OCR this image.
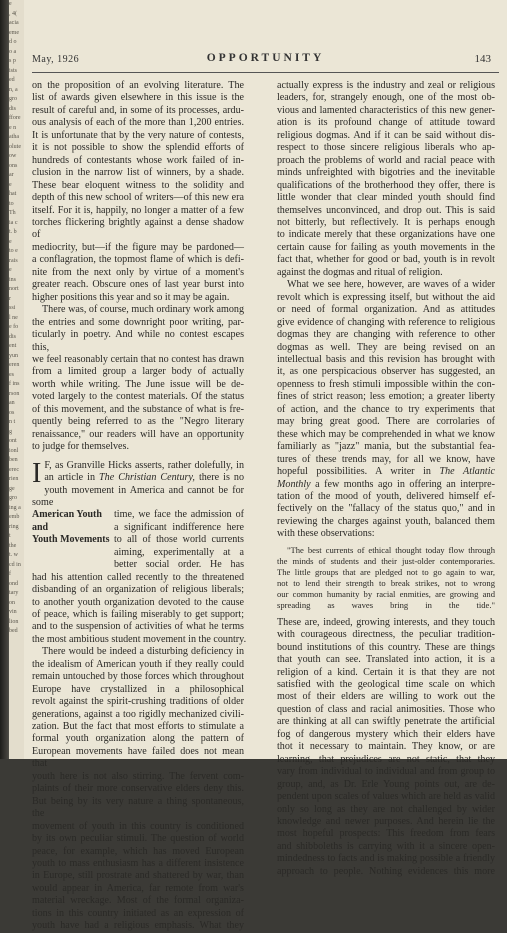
e
, 4(
acia
eme
d o
o a
s p
ists
ed
n, a
gro
dis
ffore
e n
atha
olute
ow
ons
ar
e
hat
to
Th
ia c
t. b
e
to e
rais
e
ins
nort
r
ssi
l ne
e fo
dis
ent
yun
eren
es
f ins
rson
an
os
n t
g
ont
ionl
ben
erec
rien
ge
gro
ing a
emb
ring
t
the
t. w
cd in
f
ond
tary
on
vin
lion
bed
May, 1926	OPPORTUNITY	143
on the proposition of an evolving literature. The
list of awards given elsewhere in this issue is the
result of careful and, in some of its processes, ardu-
ous analysis of each of the more than 1,200 entries.
It is unfortunate that by the very nature of contests,
it is not possible to show the splendid efforts of
hundreds of contestants whose work failed of in-
clusion in the narrow list of winners, by a shade.
These bear eloquent witness to the solidity and
depth of this new school of writers—of this new era
itself. For it is, happily, no longer a matter of a few
torches flickering brightly against a dense shadow of
mediocrity, but—if the figure may be pardoned—
a conflagration, the topmost flame of which is defi-
nite from the next only by virtue of a moment's
greater reach. Obscure ones of last year burst into
higher positions this year and so it may be again.
There was, of course, much ordinary work among
the entries and some downright poor writing, par-
ticularly in poetry. And while no contest escapes this,
we feel reasonably certain that no contest has drawn
from a limited group a larger body of actually
worth while writing. The June issue will be de-
voted largely to the contest materials. Of the status
of this movement, and the substance of what is fre-
quently being referred to as the "Negro literary
renaissance," our readers will have an opportunity
to judge for themselves.
I F, as Granville Hicks asserts, rather dolefully, in
an article in The Christian Century, there is no
youth movement in America and cannot be for some
American Youth	time, we face the admission of
and	a significant indifference here
Youth Movements to all of those world currents
aiming, experimentally at a
better social order. He has
had his attention called recently to the threatened
disbanding of an organization of religious liberals;
to another youth organization devoted to the cause
of peace, which is failing miserably to get support;
and to the suspension of activities of what he terms
the most ambitious student movement in the country.
There would be indeed a disturbing deficiency in
the idealism of American youth if they really could
remain untouched by those forces which throughout
Europe have crystallized in a philosophical
revolt against the spirit-crushing traditions of older
generations, against a too rigidly mechanized civili-
zation. But the fact that most efforts to stimulate a
formal youth organization along the pattern of
European movements have failed does not mean that
youth here is not also stirring. The fervent com-
plaints of their more conservative elders deny this.
But being by its very nature a thing spontaneous, the
movement of youth in this country is conditioned
by its own peculiar stimuli. The question of world
peace, for example, which has moved European
youth to mass enthusiasm has a different insistence
in Europe, still prostrate and shattered by war, than
would appear in America, far remote from war's
material wreckage. Most of the formal organiza-
tions in this country initiated as an expression of
youth have had a religious emphasis. What they
actually express is the industry and zeal or religious
leaders, for, strangely enough, one of the most ob-
vious and lamented characteristics of this new gener-
ation is its profound change of attitude toward
religious dogmas. And if it can be said without dis-
respect to those sincere religious liberals who ap-
proach the problems of world and racial peace with
minds unfreighted with bigotries and the inevitable
qualifications of the brotherhood they offer, there is
little wonder that clear minded youth should find
themselves unconvinced, and drop out. This is said
not bitterly, but reflectively. It is perhaps enough
to indicate merely that these organizations have one
certain cause for failing as youth movements in the
fact that, whether for good or bad, youth is in revolt
against the dogmas and ritual of religion.
What we see here, however, are waves of a wider
revolt which is expressing itself, but without the aid
or need of formal organization. And as attitudes
give evidence of changing with reference to religious
dogmas they are changing with reference to other
dogmas as well. They are being revised on an
intellectual basis and this revision has brought with
it, as one perspicacious observer has suggested, an
openness to fresh stimuli impossible within the con-
fines of strict reason; less emotion; a greater liberty
of action, and the chance to try experiments that
may bring great good. There are corrolaries of
these which may be comprehended in what we know
familiarly as "jazz" mania, but the substantial fea-
tures of these trends may, for all we know, have
hopeful possibilities. A writer in The Atlantic
Monthly a few months ago in offering an interpre-
tation of the mood of youth, delivered himself ef-
fectively on the "fallacy of the status quo," and in
reviewing the charges against youth, balanced them
with these observations:
"The best currents of ethical thought today flow through
the minds of students and their just-older contemporaries.
The little groups that are pledged not to go again to war,
not to lend their strength to break strikes, not to wrong
our common humanity by racial enmities, are growing and
spreading as waves bring in the tide."
These are, indeed, growing interests, and they touch
with courageous directness, the peculiar tradition-
bound institutions of this country. These are things
that youth can see. Translated into action, it is a
religion of a kind. Certain it is that they are not
satisfied with the geological time scale on which
most of their elders are willing to work out the
question of class and racial animosities. Those who
are thinking at all can swiftly penetrate the artificial
fog of dangerous mystery which their elders have
thot it necessary to maintain. They know, or are
learning, that prejudices are not static, that they
vary from individual to individual and from group to
group, and, as Dr. Erle Young points out, are de-
pendent upon scales of values which are held as valid
only so long as they are not challenged by wider
knowledge and newer purposes. And herein lie the
most hopeful prospects: This freedom from fears
and shibboleths is carrying with it a sincere open-
mindedness to facts and is making possible a friendly
approach to people. Nothing evidences this more
